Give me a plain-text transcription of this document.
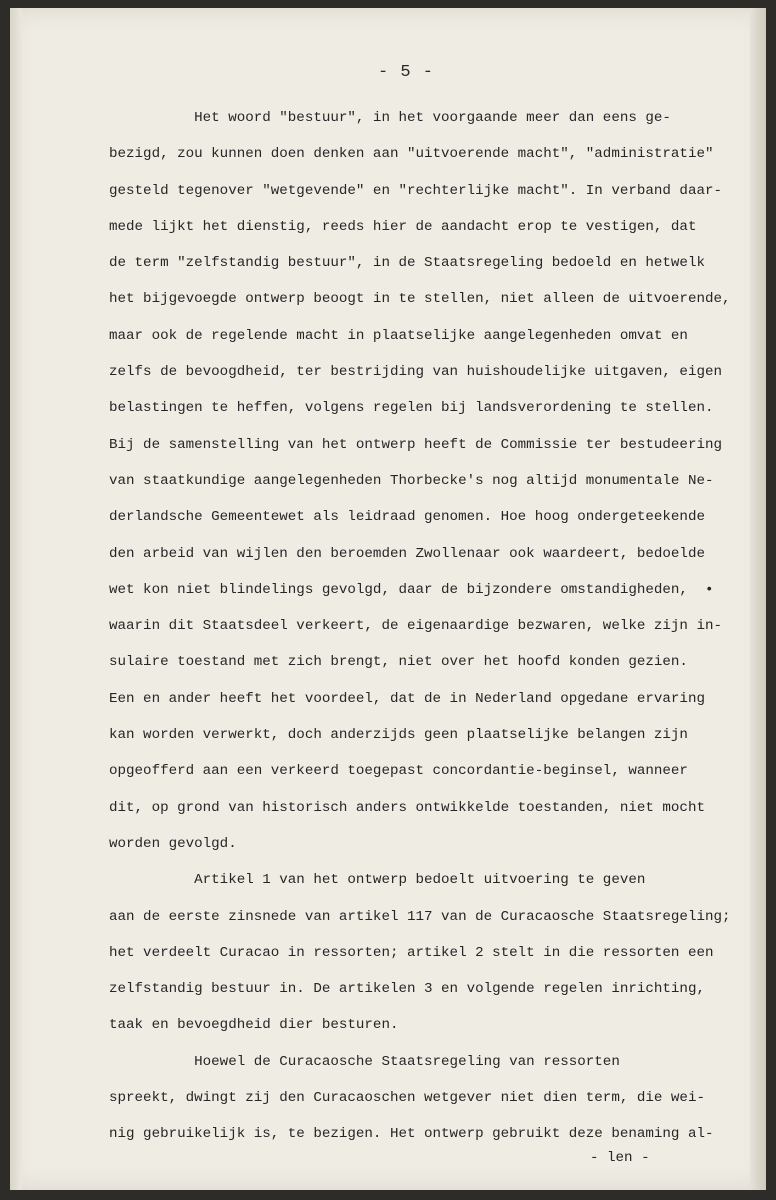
- 5 -
Het woord "bestuur", in het voorgaande meer dan eens ge-
bezigd, zou kunnen doen denken aan "uitvoerende macht", "administratie"
gesteld tegenover "wetgevende" en "rechterlijke macht". In verband daar-
mede lijkt het dienstig, reeds hier de aandacht erop te vestigen, dat
de term "zelfstandig bestuur", in de Staatsregeling bedoeld en hetwelk
het bijgevoegde ontwerp beoogt in te stellen, niet alleen de uitvoerende,
maar ook de regelende macht in plaatselijke aangelegenheden omvat en
zelfs de bevoogdheid, ter bestrijding van huishoudelijke uitgaven, eigen
belastingen te heffen, volgens regelen bij landsverordening te stellen.
Bij de samenstelling van het ontwerp heeft de Commissie ter bestudeering
van staatkundige aangelegenheden Thorbecke's nog altijd monumentale Ne-
derlandsche Gemeentewet als leidraad genomen. Hoe hoog ondergeteekende
den arbeid van wijlen den beroemden Zwollenaar ook waardeert, bedoelde
wet kon niet blindelings gevolgd, daar de bijzondere omstandigheden,  •
waarin dit Staatsdeel verkeert, de eigenaardige bezwaren, welke zijn in-
sulaire toestand met zich brengt, niet over het hoofd konden gezien.
Een en ander heeft het voordeel, dat de in Nederland opgedane ervaring
kan worden verwerkt, doch anderzijds geen plaatselijke belangen zijn
opgeofferd aan een verkeerd toegepast concordantie-beginsel, wanneer
dit, op grond van historisch anders ontwikkelde toestanden, niet mocht
worden gevolgd.
Artikel 1 van het ontwerp bedoelt uitvoering te geven
aan de eerste zinsnede van artikel 117 van de Curacaosche Staatsregeling;
het verdeelt Curacao in ressorten; artikel 2 stelt in die ressorten een
zelfstandig bestuur in. De artikelen 3 en volgende regelen inrichting,
taak en bevoegdheid dier besturen.
Hoewel de Curacaosche Staatsregeling van ressorten
spreekt, dwingt zij den Curacaoschen wetgever niet dien term, die wei-
nig gebruikelijk is, te bezigen. Het ontwerp gebruikt deze benaming al-
- len -
